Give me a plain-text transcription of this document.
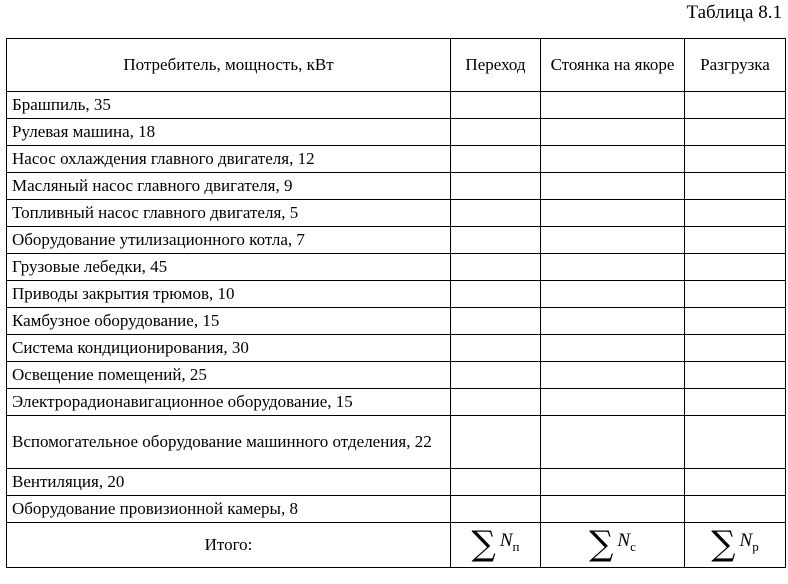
Таблица 8.1
Потребитель, мощность, кВт	Переход	Стоянка на якоре	Разгрузка
Брашпиль, 35			
Рулевая машина, 18			
Насос охлаждения главного двигателя, 12			
Масляный насос главного двигателя, 9			
Топливный насос главного двигателя, 5			
Оборудование утилизационного котла, 7			
Грузовые лебедки, 45			
Приводы закрытия трюмов, 10			
Камбузное оборудование, 15			
Система кондиционирования, 30			
Освещение помещений, 25			
Электрорадионавигационное оборудование, 15			
Вспомогательное оборудование машинного отделения, 22			
Вентиляция, 20			
Оборудование провизионной камеры, 8			
Итого:	∑ $N_п$	∑ $N_с$	∑ $N_р$
